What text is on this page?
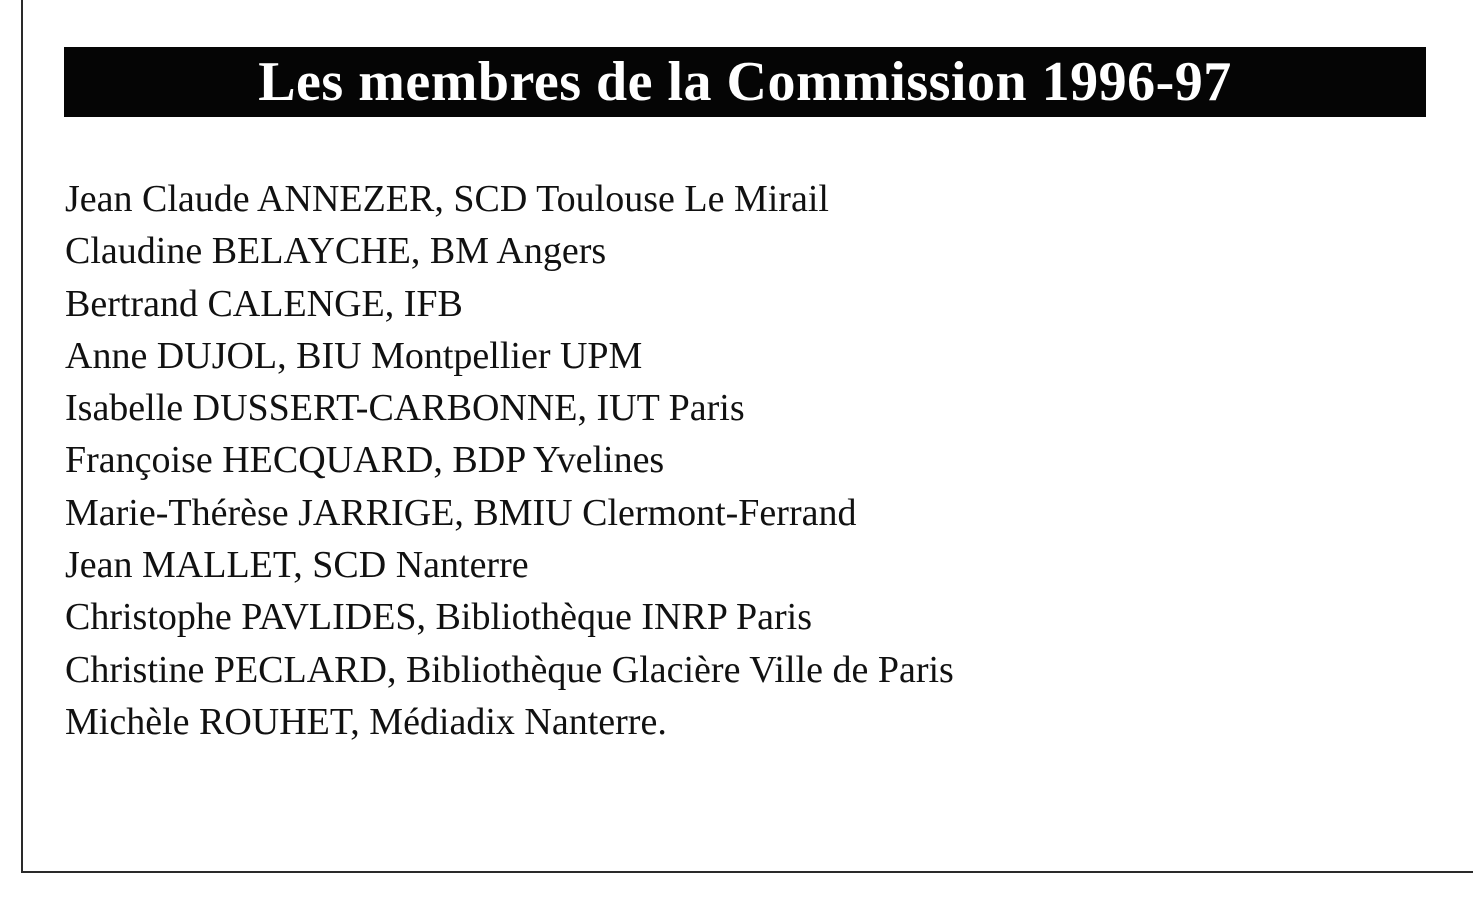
Les membres de la Commission 1996-97
Jean Claude ANNEZER, SCD Toulouse Le Mirail
Claudine BELAYCHE, BM Angers
Bertrand CALENGE, IFB
Anne DUJOL, BIU Montpellier UPM
Isabelle DUSSERT-CARBONNE, IUT Paris
Françoise HECQUARD, BDP Yvelines
Marie-Thérèse JARRIGE, BMIU Clermont-Ferrand
Jean MALLET, SCD Nanterre
Christophe PAVLIDES, Bibliothèque INRP Paris
Christine PECLARD, Bibliothèque Glacière Ville de Paris
Michèle ROUHET, Médiadix Nanterre.
